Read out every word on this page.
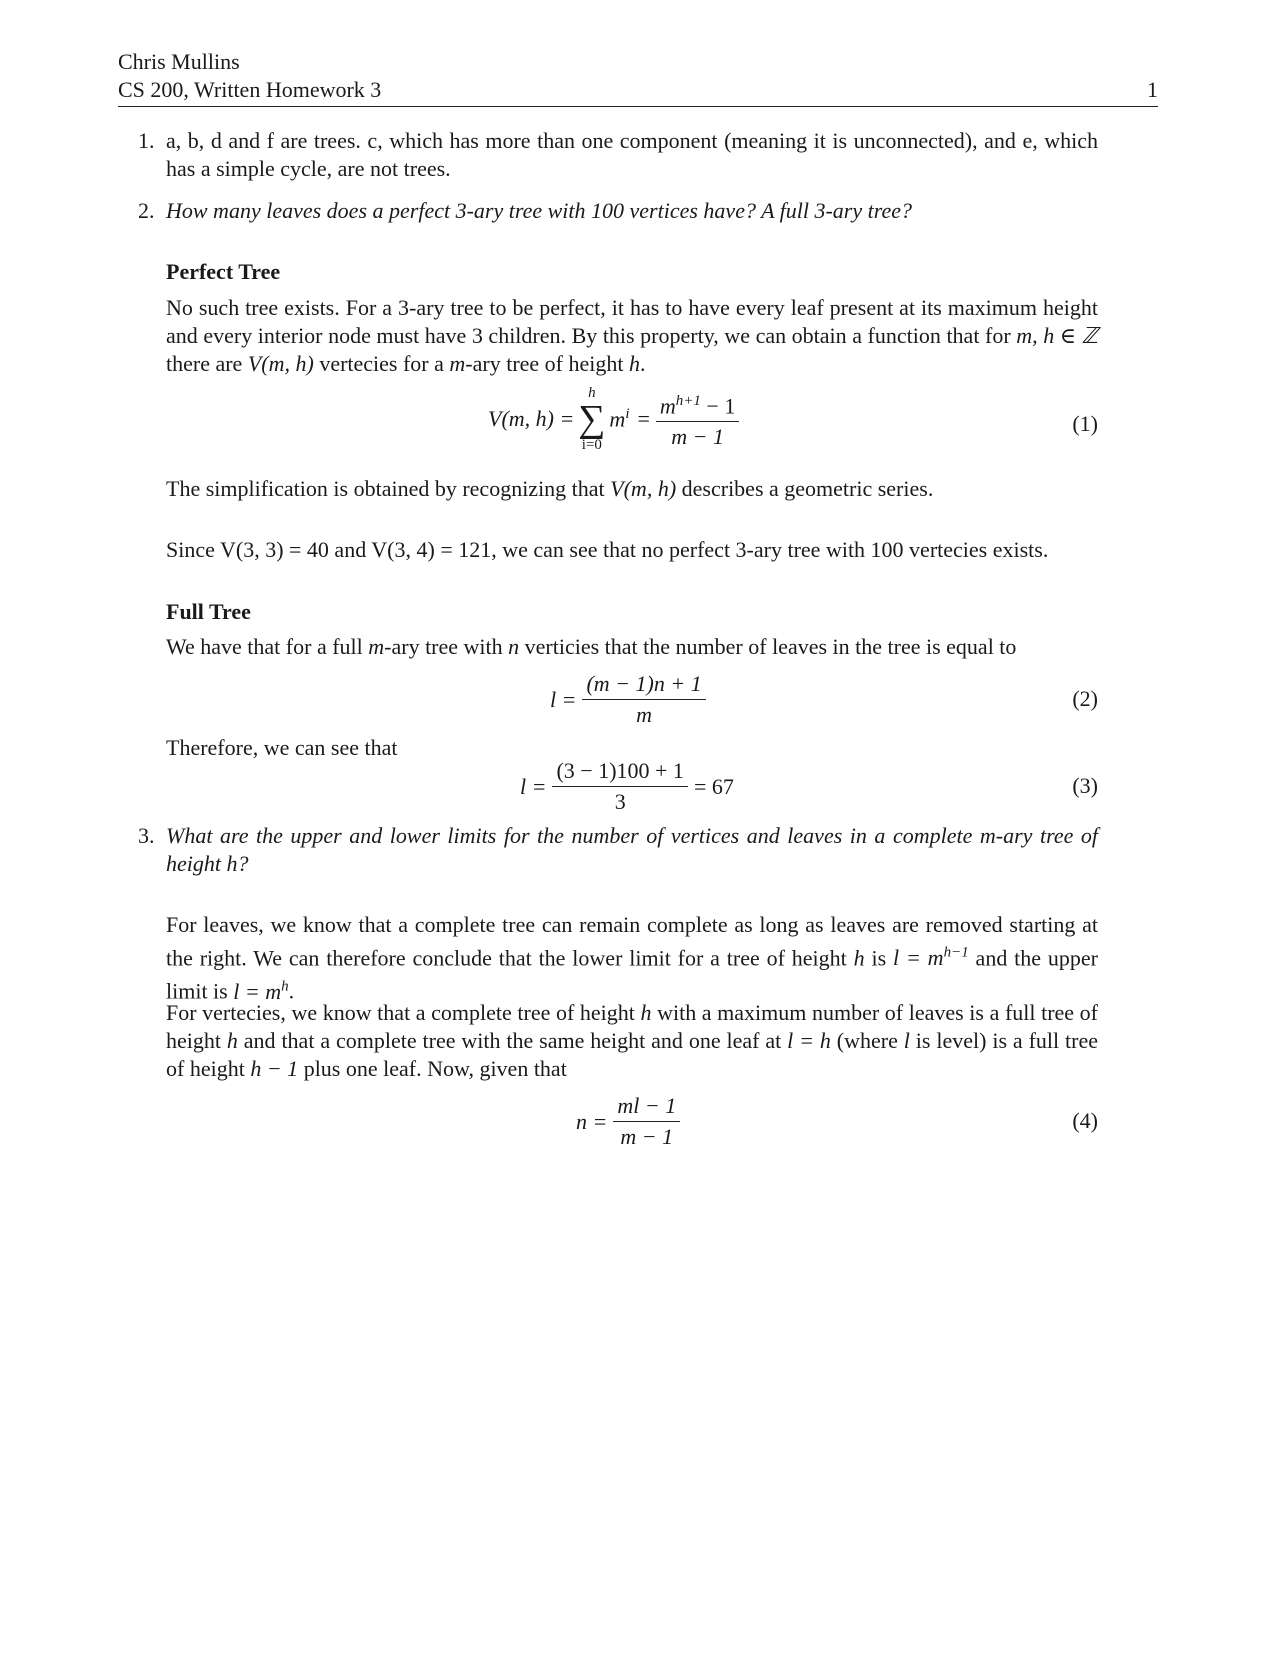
Chris Mullins
CS 200, Written Homework 3	1
1. a, b, d and f are trees. c, which has more than one component (meaning it is unconnected), and e, which has a simple cycle, are not trees.
2. How many leaves does a perfect 3-ary tree with 100 vertices have? A full 3-ary tree?
Perfect Tree
No such tree exists. For a 3-ary tree to be perfect, it has to have every leaf present at its maximum height and every interior node must have 3 children. By this property, we can obtain a function that for m, h ∈ ℤ there are V(m, h) vertecies for a m-ary tree of height h.
V(m, h) =
h
∑
i=0
$m^i = \frac{m^{h+1} - 1}{m - 1}$	(1)
The simplification is obtained by recognizing that V(m, h) describes a geometric series.
Since V(3, 3) = 40 and V(3, 4) = 121, we can see that no perfect 3-ary tree with 100 vertecies exists.
Full Tree
We have that for a full m-ary tree with n verticies that the number of leaves in the tree is equal to
$l = \frac{(m - 1)n + 1}{m}$	(2)
Therefore, we can see that
$l = \frac{(3 - 1)100 + 1}{3} = 67$	(3)
3. What are the upper and lower limits for the number of vertices and leaves in a complete m-ary tree of height h?
For leaves, we know that a complete tree can remain complete as long as leaves are removed starting at the right. We can therefore conclude that the lower limit for a tree of height h is $l = m^{h-1}$ and the upper limit is $l = m^h$.
For vertecies, we know that a complete tree of height h with a maximum number of leaves is a full tree of height h and that a complete tree with the same height and one leaf at l = h (where l is level) is a full tree of height h − 1 plus one leaf. Now, given that
$n = \frac{ml - 1}{m - 1}$	(4)
